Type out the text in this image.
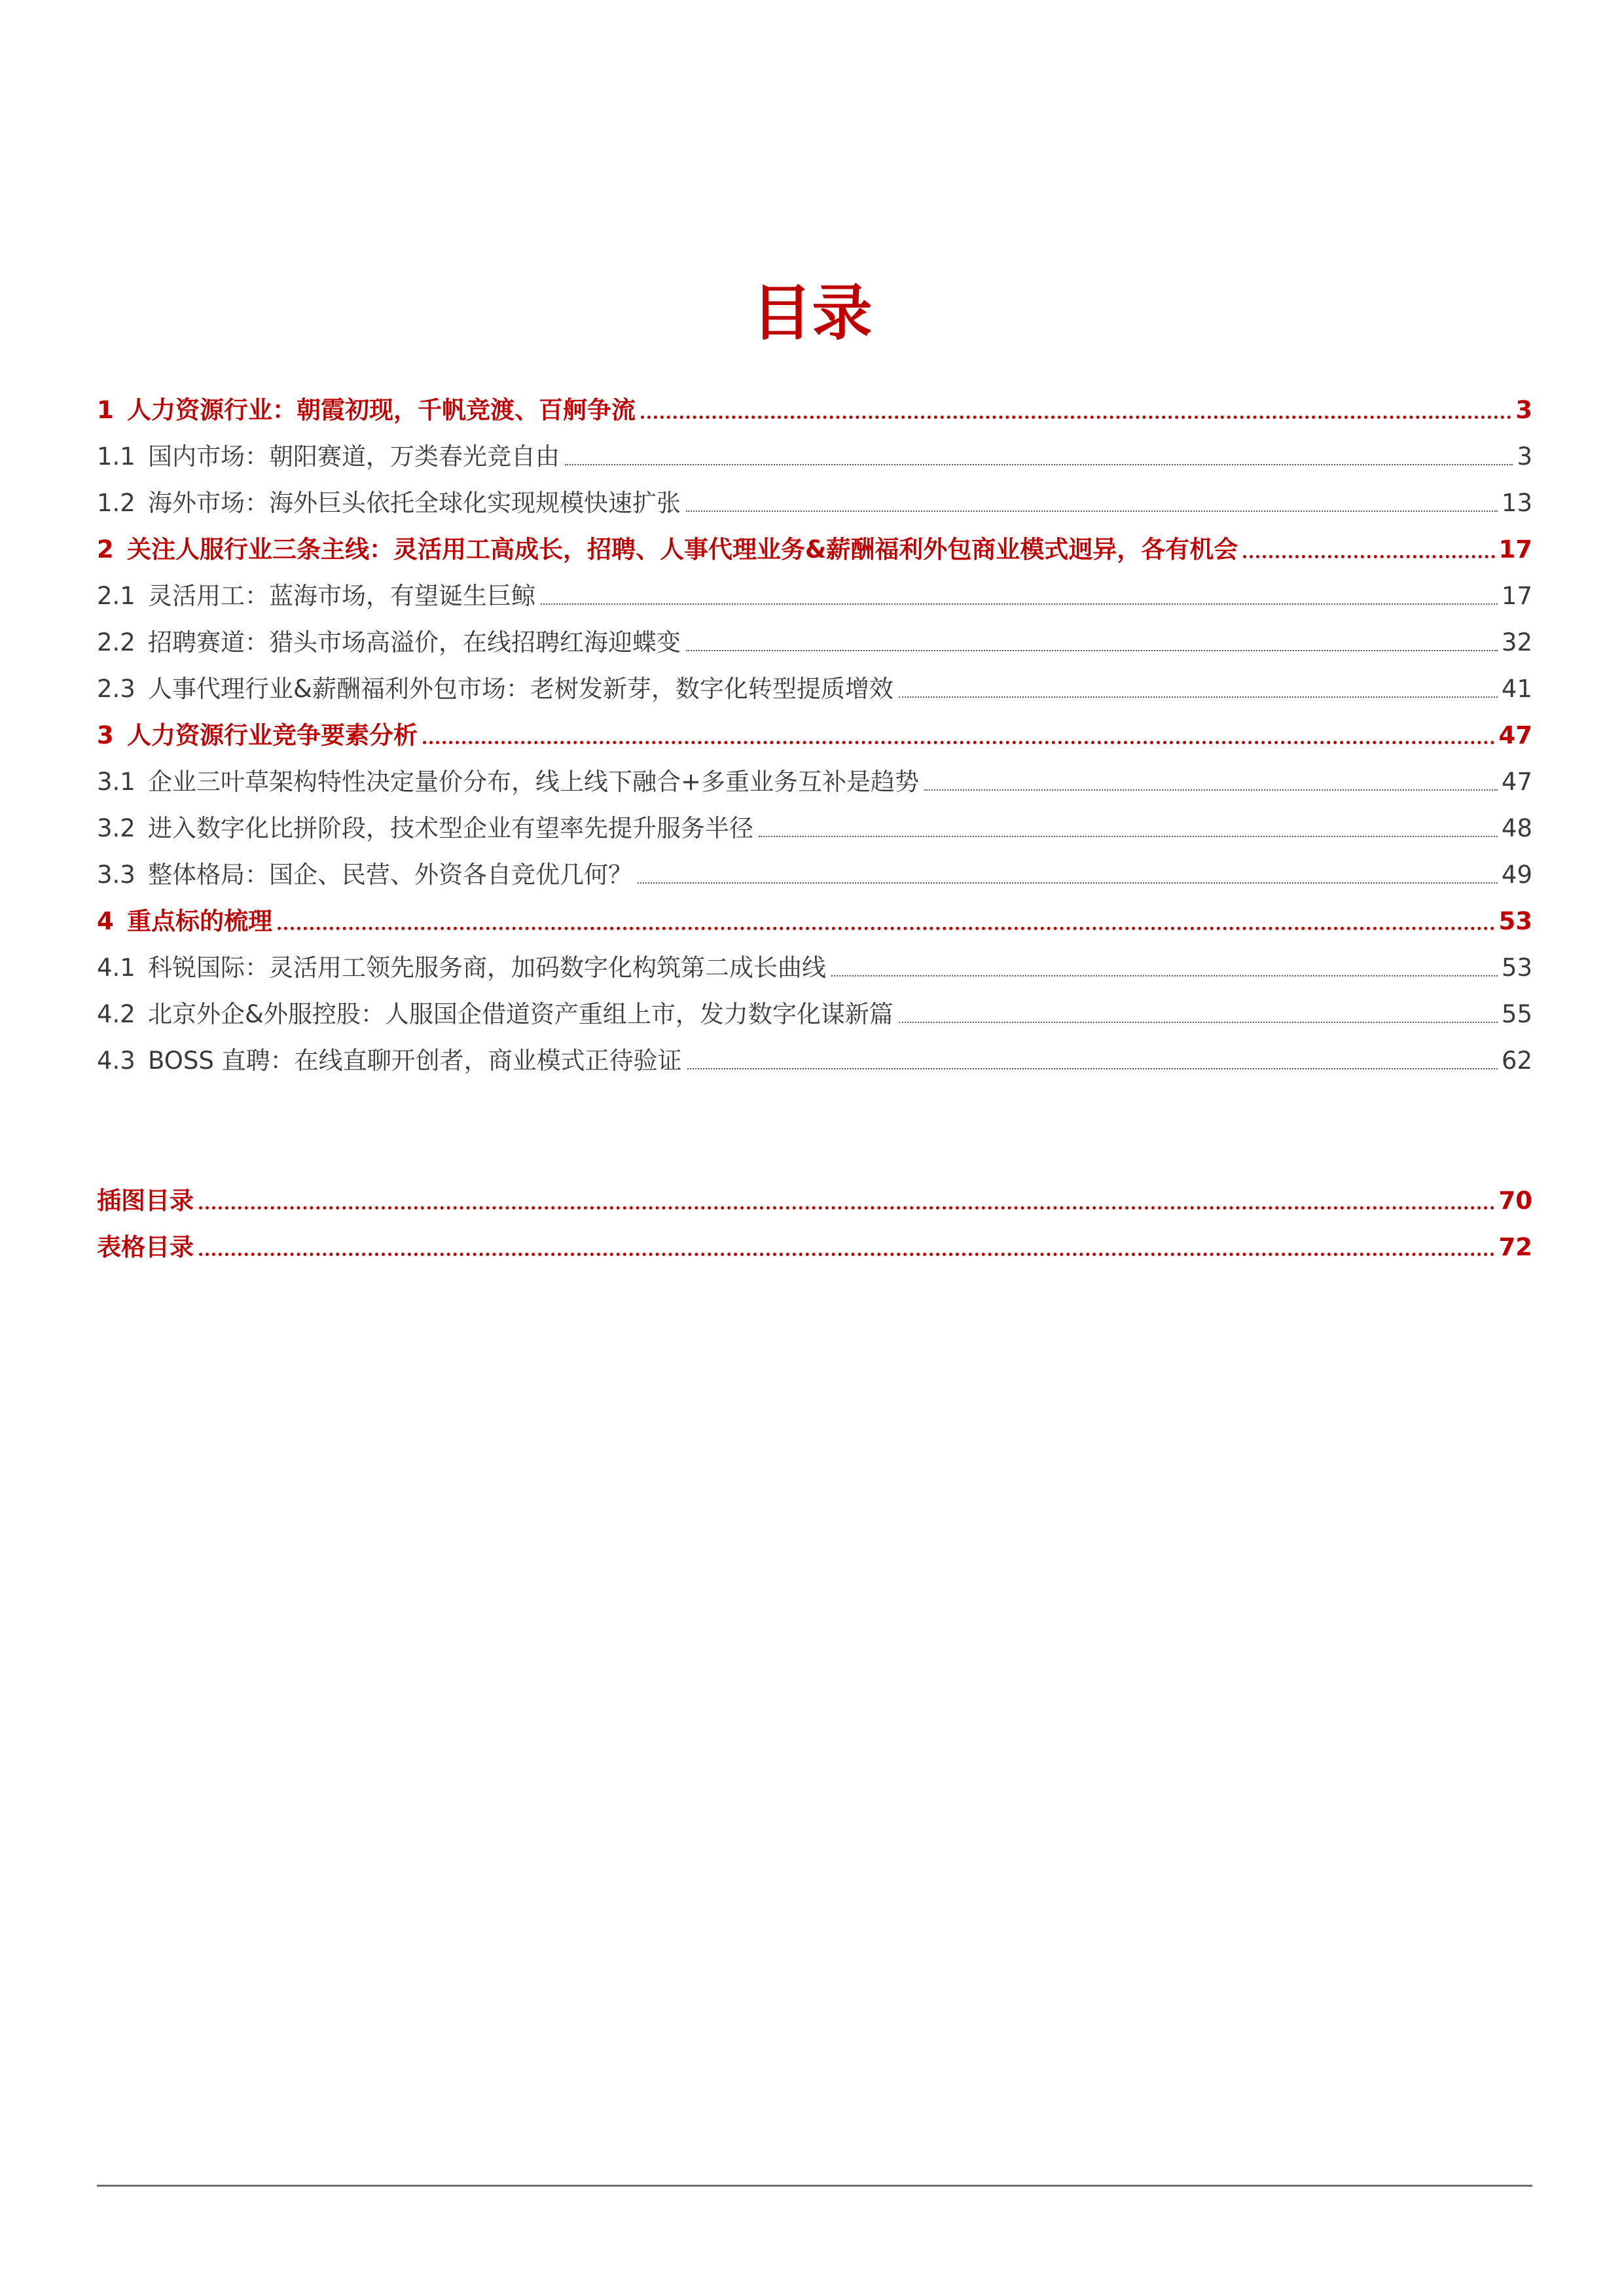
目录
1 人力资源行业：朝霞初现，千帆竞渡、百舸争流	3
1.1 国内市场：朝阳赛道，万类春光竞自由	3
1.2 海外市场：海外巨头依托全球化实现规模快速扩张	13
2 关注人服行业三条主线：灵活用工高成长，招聘、人事代理业务&薪酬福利外包商业模式迥异，各有机会	17
2.1 灵活用工：蓝海市场，有望诞生巨鲸	17
2.2 招聘赛道：猎头市场高溢价，在线招聘红海迎蝶变	32
2.3 人事代理行业&薪酬福利外包市场：老树发新芽，数字化转型提质增效	41
3 人力资源行业竞争要素分析	47
3.1 企业三叶草架构特性决定量价分布，线上线下融合+多重业务互补是趋势	47
3.2 进入数字化比拼阶段，技术型企业有望率先提升服务半径	48
3.3 整体格局：国企、民营、外资各自竞优几何？	49
4 重点标的梳理	53
4.1 科锐国际：灵活用工领先服务商，加码数字化构筑第二成长曲线	53
4.2 北京外企&外服控股：人服国企借道资产重组上市，发力数字化谋新篇	55
4.3 BOSS 直聘：在线直聊开创者，商业模式正待验证	62
插图目录	70
表格目录	72
